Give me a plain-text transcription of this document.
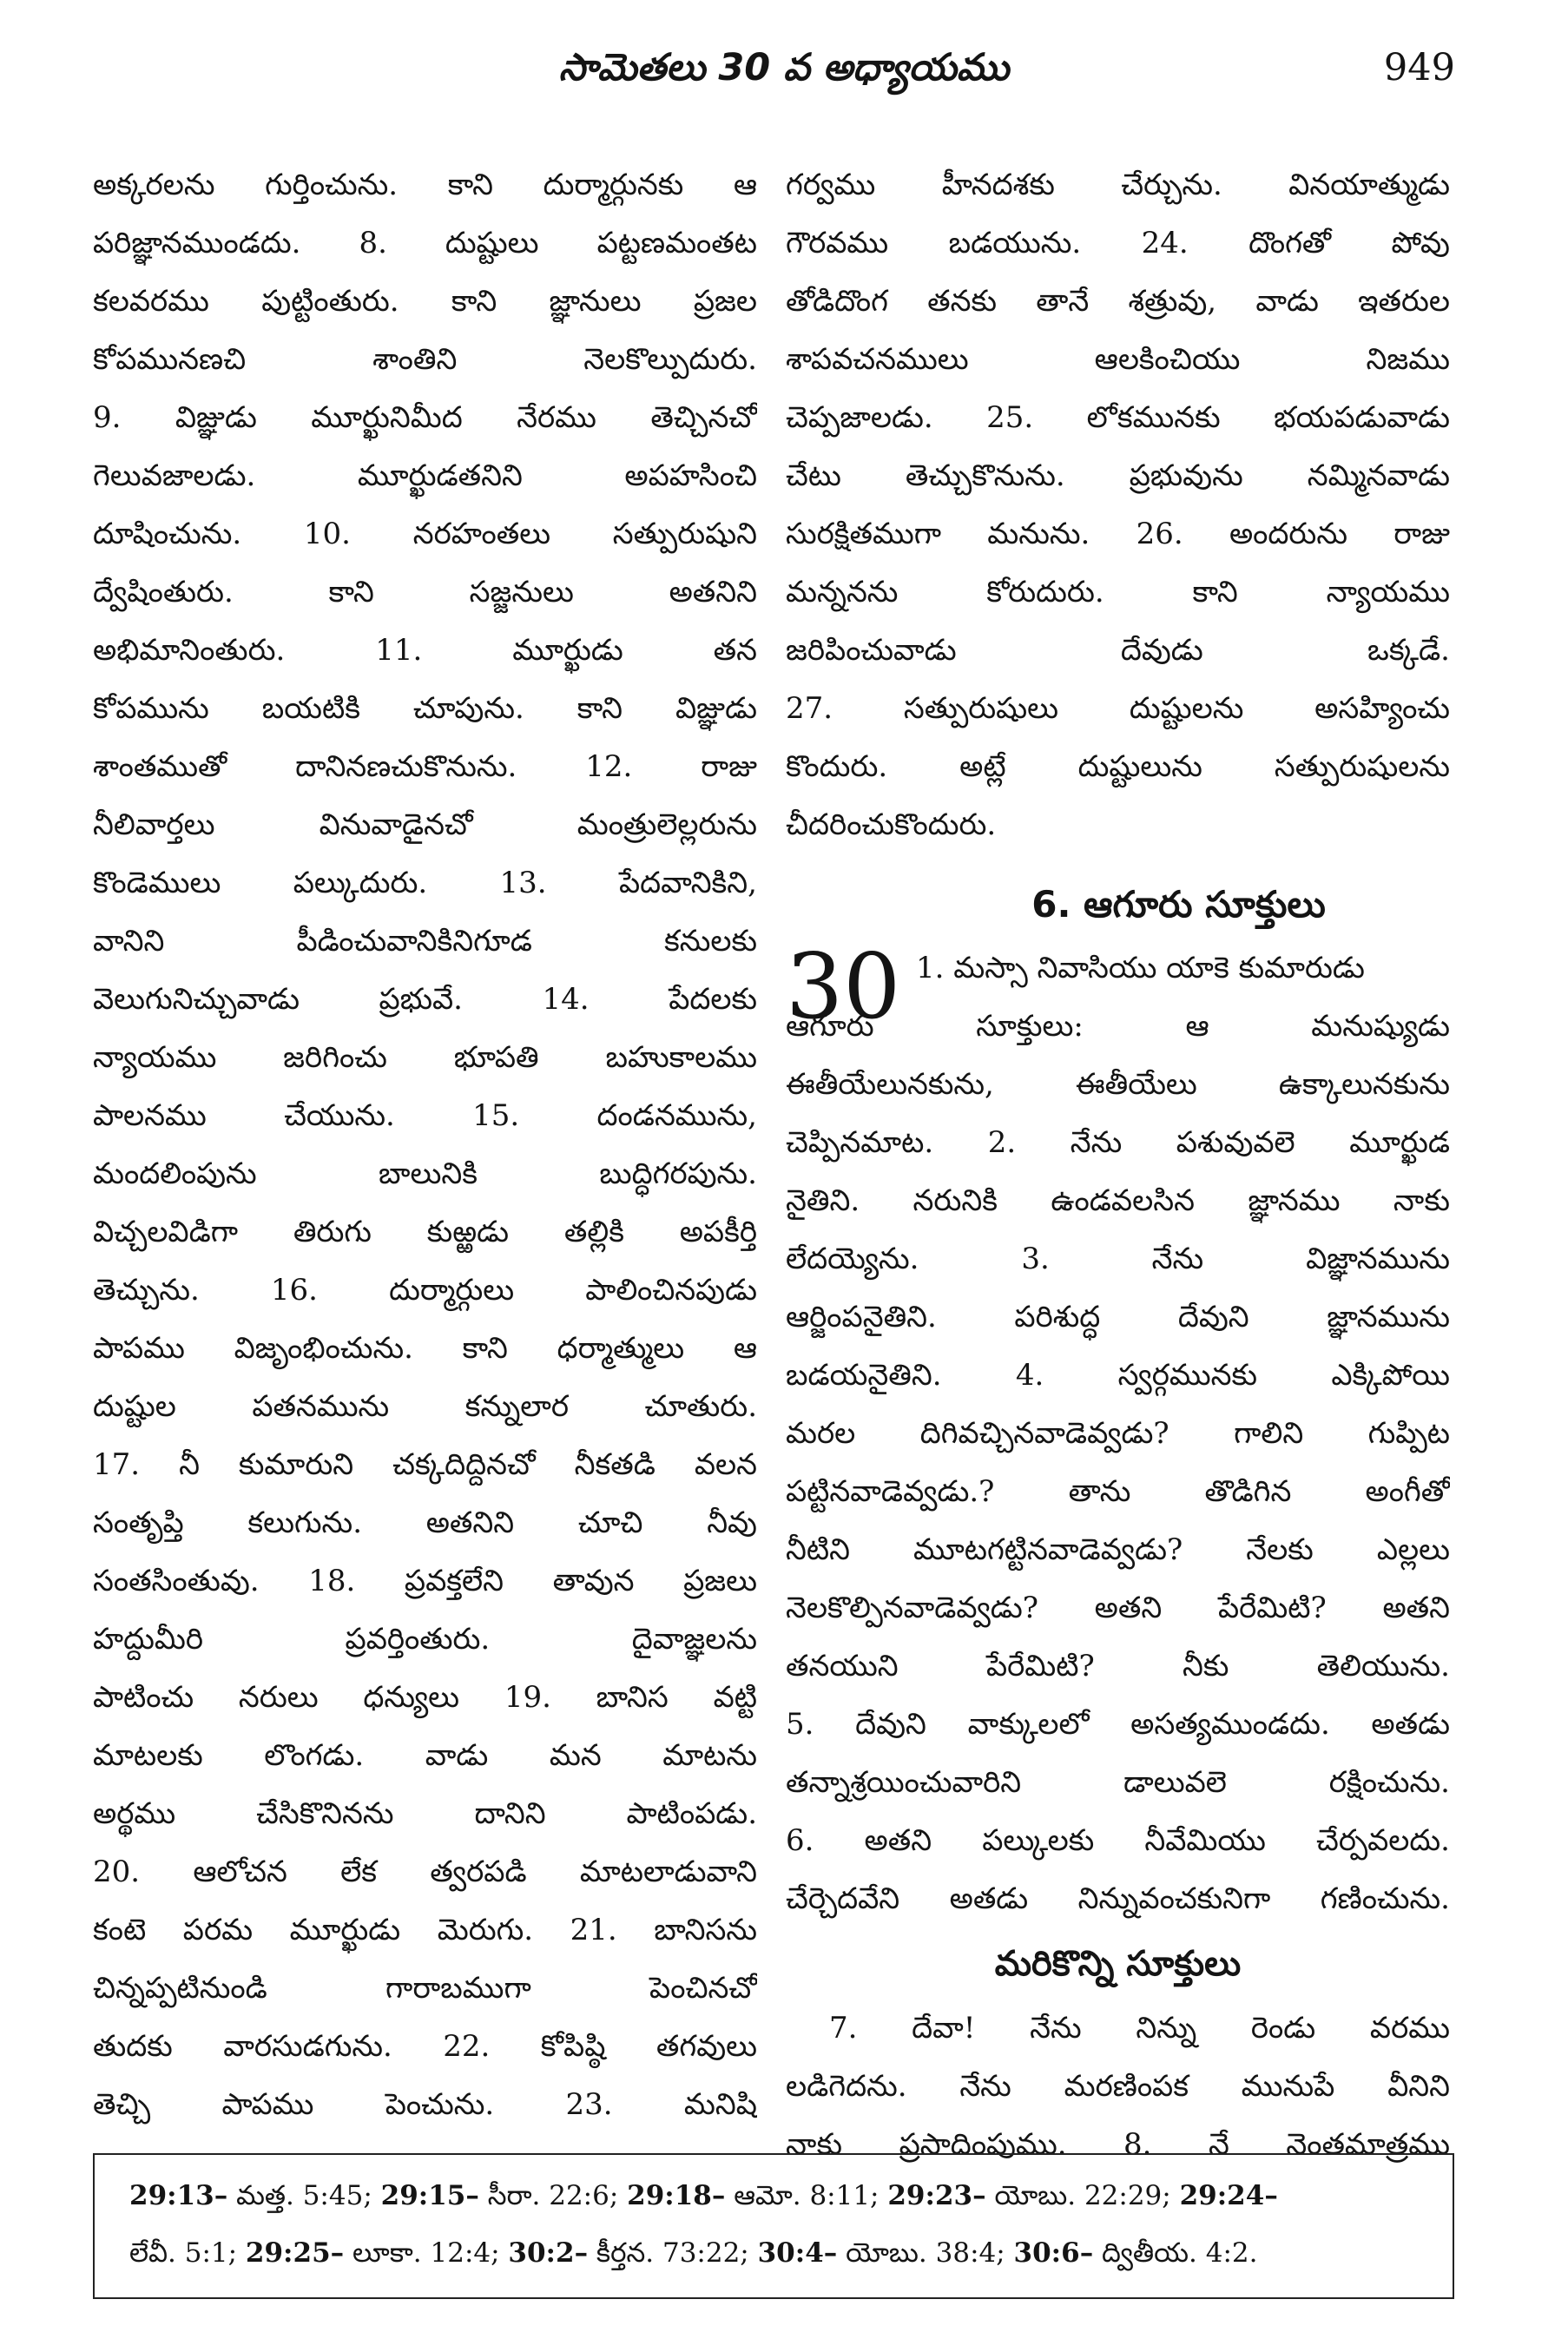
సామెతలు 30 వ అధ్యాయము	949
అక్కరలను గుర్తించును. కాని దుర్మార్గునకు ఆ
పరిజ్ఞానముండదు. 8. దుష్టులు పట్టణమంతట
కలవరము పుట్టింతురు. కాని జ్ఞానులు ప్రజల
కోపమునణచి శాంతిని నెలకొల్పుదురు.
9. విజ్ఞుడు మూర్ఖునిమీద నేరము తెచ్చినచో
గెలువజాలడు. మూర్ఖుడతనిని అపహసించి
దూషించును. 10. నరహంతలు సత్పురుషుని
ద్వేషింతురు. కాని సజ్జనులు అతనిని
అభిమానింతురు. 11. మూర్ఖుడు తన
కోపమును బయటికి చూపును. కాని విజ్ఞుడు
శాంతముతో దానినణచుకొనును. 12. రాజు
నీలివార్తలు వినువాడైనచో మంత్రులెల్లరును
కొండెములు పల్కుదురు. 13. పేదవానికిని,
వానిని పీడించువానికినిగూడ కనులకు
వెలుగునిచ్చువాడు ప్రభువే. 14. పేదలకు
న్యాయము జరిగించు భూపతి బహుకాలము
పాలనము చేయును. 15. దండనమును,
మందలింపును బాలునికి బుద్ధిగరపును.
విచ్చలవిడిగా తిరుగు కుఱ్ఱడు తల్లికి అపకీర్తి
తెచ్చును. 16. దుర్మార్గులు పాలించినపుడు
పాపము విజృంభించును. కాని ధర్మాత్ములు ఆ
దుష్టుల పతనమును కన్నులార చూతురు.
17. నీ కుమారుని చక్కదిద్దినచో నీకతడి వలన
సంతృప్తి కలుగును. అతనిని చూచి నీవు
సంతసింతువు. 18. ప్రవక్తలేని తావున ప్రజలు
హద్దుమీరి ప్రవర్తింతురు. దైవాజ్ఞలను
పాటించు నరులు ధన్యులు 19. బానిస వట్టి
మాటలకు లొంగడు. వాడు మన మాటను
అర్థము చేసికొనినను దానిని పాటింపడు.
20. ఆలోచన లేక త్వరపడి మాటలాడువాని
కంటె పరమ మూర్ఖుడు మెరుగు. 21. బానిసను
చిన్నప్పటినుండి గారాబముగా పెంచినచో
తుదకు వారసుడగును. 22. కోపిష్ఠి తగవులు
తెచ్చి పాపము పెంచును. 23. మనిషి
గర్వము హీనదశకు చేర్చును. వినయాత్ముడు
గౌరవము బడయును. 24. దొంగతో పోవు
తోడిదొంగ తనకు తానే శత్రువు, వాడు ఇతరుల
శాపవచనములు ఆలకించియు నిజము
చెప్పజాలడు. 25. లోకమునకు భయపడువాడు
చేటు తెచ్చుకొనును. ప్రభువును నమ్మినవాడు
సురక్షితముగా మనును. 26. అందరును రాజు
మన్ననను కోరుదురు. కాని న్యాయము
జరిపించువాడు దేవుడు ఒక్కడే.
27. సత్పురుషులు దుష్టులను అసహ్యించు
కొందురు. అట్లే దుష్టులును సత్పురుషులను
చీదరించుకొందురు.
6. ఆగూరు సూక్తులు
30 1. మస్సా నివాసియు యాకె కుమారుడు
ఆగూరు సూక్తులు: ఆ మనుష్యుడు
ఈతీయేలునకును, ఈతీయేలు ఉక్కాలునకును
చెప్పినమాట. 2. నేను పశువువలె మూర్ఖుడ
నైతిని. నరునికి ఉండవలసిన జ్ఞానము నాకు
లేదయ్యెను. 3. నేను విజ్ఞానమును
ఆర్జింపనైతిని. పరిశుద్ధ దేవుని జ్ఞానమును
బడయనైతిని. 4. స్వర్గమునకు ఎక్కిపోయి
మరల దిగివచ్చినవాడెవ్వడు? గాలిని గుప్పిట
పట్టినవాడెవ్వడు.? తాను తొడిగిన అంగీతో
నీటిని మూటగట్టినవాడెవ్వడు? నేలకు ఎల్లలు
నెలకొల్పినవాడెవ్వడు? అతని పేరేమిటి? అతని
తనయుని పేరేమిటి? నీకు తెలియును.
5. దేవుని వాక్కులలో అసత్యముండదు. అతడు
తన్నాశ్రయించువారిని డాలువలె రక్షించును.
6. అతని పల్కులకు నీవేమియు చేర్పవలదు.
చేర్చెదవేని అతడు నిన్నువంచకునిగా గణించును.
మరికొన్ని సూక్తులు
7. దేవా! నేను నిన్ను రెండు వరము
లడిగెదను. నేను మరణింపక మునుపే వీనిని
నాకు ప్రసాదింపుము. 8. నే నెంతమాత్రము
29:13– మత్త. 5:45; 29:15– సీరా. 22:6; 29:18– ఆమో. 8:11; 29:23– యోబు. 22:29; 29:24–
లేవీ. 5:1; 29:25– లూకా. 12:4; 30:2– కీర్తన. 73:22; 30:4– యోబు. 38:4; 30:6– ద్వితీయ. 4:2.
